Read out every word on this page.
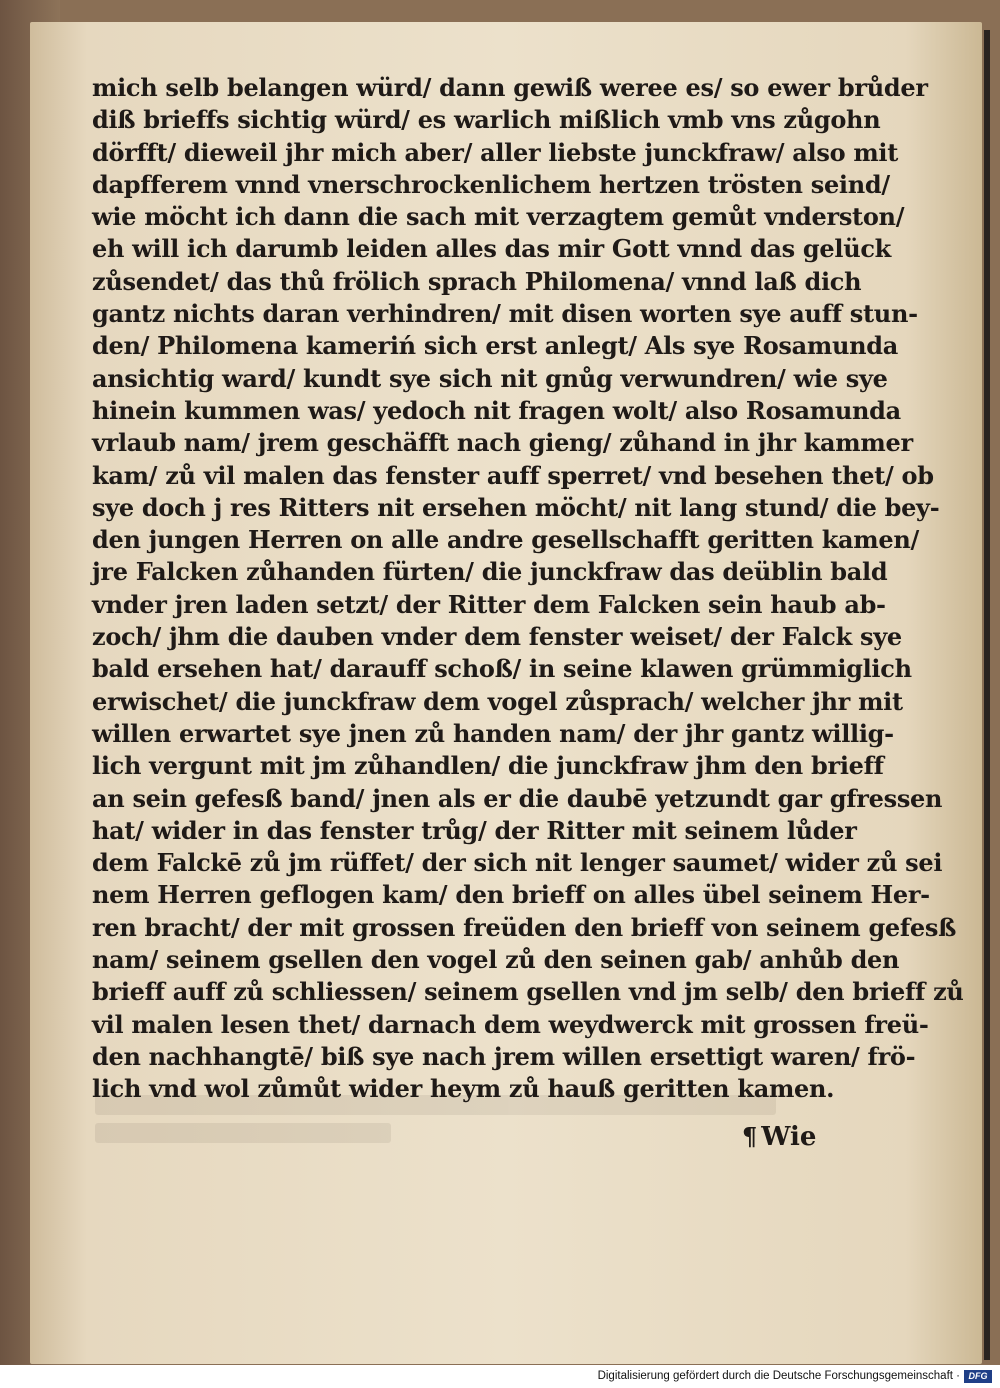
mich selb belangen würd/ dann gewiß weree es/ so ewer brůder
diß brieffs sichtig würd/ es warlich mißlich vmb vns zůgohn
dörfft/ dieweil jhr mich aber/ aller liebste junckfraw/ also mit
dapfferem vnnd vnerschrockenlichem hertzen trösten seind/
wie möcht ich dann die sach mit verzagtem gemůt vnderston/
eh will ich darumb leiden alles das mir Gott vnnd das gelück
zůsendet/ das thů frölich sprach Philomena/ vnnd laß dich
gantz nichts daran verhindren/ mit disen worten sye auff stun-
den/ Philomena kameriń sich erst anlegt/ Als sye Rosamunda
ansichtig ward/ kundt sye sich nit gnůg verwundren/ wie sye
hinein kummen was/ yedoch nit fragen wolt/ also Rosamunda
vrlaub nam/ jrem geschäfft nach gieng/ zůhand in jhr kammer
kam/ zů vil malen das fenster auff sperret/ vnd besehen thet/ ob
sye doch j res Ritters nit ersehen möcht/ nit lang stund/ die bey-
den jungen Herren on alle andre gesellschafft geritten kamen/
jre Falcken zůhanden fürten/ die junckfraw das deüblin bald
vnder jren laden setzt/ der Ritter dem Falcken sein haub ab-
zoch/ jhm die dauben vnder dem fenster weiset/ der Falck sye
bald ersehen hat/ darauff schoß/ in seine klawen grümmiglich
erwischet/ die junckfraw dem vogel zůsprach/ welcher jhr mit
willen erwartet sye jnen zů handen nam/ der jhr gantz willig-
lich vergunt mit jm zůhandlen/ die junckfraw jhm den brieff
an sein gefesß band/ jnen als er die daubē yetzundt gar gfressen
hat/ wider in das fenster trůg/ der Ritter mit seinem lůder
dem Falckē zů jm rüffet/ der sich nit lenger saumet/ wider zů sei
nem Herren geflogen kam/ den brieff on alles übel seinem Her-
ren bracht/ der mit grossen freüden den brieff von seinem gefesß
nam/ seinem gsellen den vogel zů den seinen gab/ anhůb den
brieff auff zů schliessen/ seinem gsellen vnd jm selb/ den brieff zů
vil malen lesen thet/ darnach dem weydwerck mit grossen freü-
den nachhangtē/ biß sye nach jrem willen ersettigt waren/ frö-
lich vnd wol zůmůt wider heym zů hauß geritten kamen.
¶ Wie
Digitalisierung gefördert durch die Deutsche Forschungsgemeinschaft · DFG
